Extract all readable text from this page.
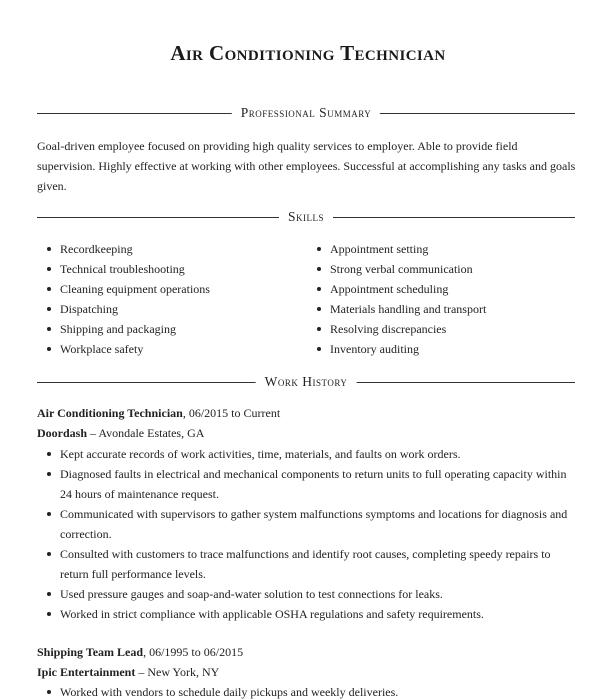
Air Conditioning Technician
Professional Summary

Goal-driven employee focused on providing high quality services to employer. Able to provide field supervision. Highly effective at working with other employees. Successful at accomplishing any tasks and goals given.

Skills
Recordkeeping
Technical troubleshooting
Cleaning equipment operations
Dispatching
Shipping and packaging
Workplace safety
Appointment setting
Strong verbal communication
Appointment scheduling
Materials handling and transport
Resolving discrepancies
Inventory auditing
Work History
Air Conditioning Technician, 06/2015 to Current
Doordash – Avondale Estates, GA
Kept accurate records of work activities, time, materials, and faults on work orders.
Diagnosed faults in electrical and mechanical components to return units to full operating capacity within 24 hours of maintenance request.
Communicated with supervisors to gather system malfunctions symptoms and locations for diagnosis and correction.
Consulted with customers to trace malfunctions and identify root causes, completing speedy repairs to return full performance levels.
Used pressure gauges and soap-and-water solution to test connections for leaks.
Worked in strict compliance with applicable OSHA regulations and safety requirements.
Shipping Team Lead, 06/1995 to 06/2015
Ipic Entertainment – New York, NY
Worked with vendors to schedule daily pickups and weekly deliveries.
